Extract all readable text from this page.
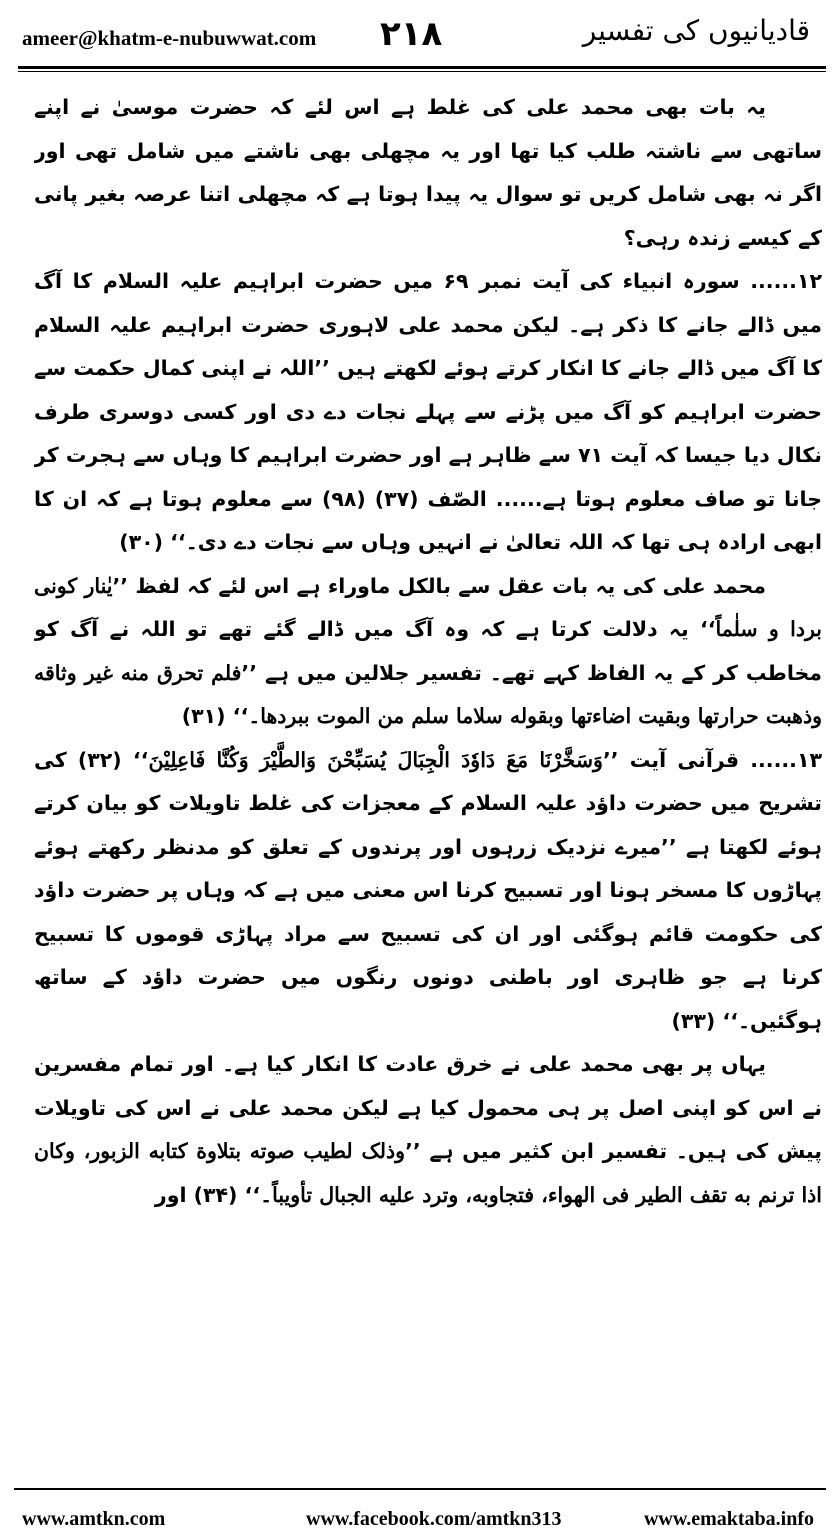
ameer@khatm-e-nubuwwat.com ۲۱۸	قادیانیوں کی تفسیر

یہ بات بھی محمد علی کی غلط ہے اس لئے کہ حضرت موسیٰ نے اپنے ساتھی سے ناشتہ طلب کیا تھا اور یہ مچھلی بھی ناشتے میں شامل تھی اور اگر نہ بھی شامل کریں تو سوال یہ پیدا ہوتا ہے کہ مچھلی اتنا عرصہ بغیر پانی کے کیسے زندہ رہی؟

۱۲...... سورہ انبیاء کی آیت نمبر ۶۹ میں حضرت ابراہیم علیہ السلام کا آگ میں ڈالے جانے کا ذکر ہے۔ لیکن محمد علی لاہوری حضرت ابراہیم علیہ السلام کا آگ میں ڈالے جانے کا انکار کرتے ہوئے لکھتے ہیں ’’اللہ نے اپنی کمال حکمت سے حضرت ابراہیم کو آگ میں پڑنے سے پہلے نجات دے دی اور کسی دوسری طرف نکال دیا جیسا کہ آیت ۷۱ سے ظاہر ہے اور حضرت ابراہیم کا وہاں سے ہجرت کر جانا تو صاف معلوم ہوتا ہے...... الصّف (۳۷) (۹۸) سے معلوم ہوتا ہے کہ ان کا ابھی ارادہ ہی تھا کہ اللہ تعالیٰ نے انہیں وہاں سے نجات دے دی۔‘‘ (۳۰)

محمد علی کی یہ بات عقل سے بالکل ماوراء ہے اس لئے کہ لفظ ’’یٰنار کونی بردا و سلٰماً‘‘ یہ دلالت کرتا ہے کہ وہ آگ میں ڈالے گئے تھے تو اللہ نے آگ کو مخاطب کر کے یہ الفاظ کہے تھے۔ تفسیر جلالین میں ہے ’’فلم تحرق منه غير وثاقه وذهبت حرارتها وبقيت اضاءتها وبقوله سلاما سلم من الموت ببردها۔‘‘ (۳۱)

۱۳...... قرآنی آیت ’’وَسَخَّرْنَا مَعَ دَاوٗدَ الْجِبَالَ يُسَبِّحْنَ وَالطَّيْرَ وَكُنَّا فَاعِلِيْنَ‘‘ (۳۲) کی تشریح میں حضرت داؤد علیہ السلام کے معجزات کی غلط تاویلات کو بیان کرتے ہوئے لکھتا ہے ’’میرے نزدیک زرہوں اور پرندوں کے تعلق کو مدنظر رکھتے ہوئے پہاڑوں کا مسخر ہونا اور تسبیح کرنا اس معنی میں ہے کہ وہاں پر حضرت داؤد کی حکومت قائم ہوگئی اور ان کی تسبیح سے مراد پہاڑی قوموں کا تسبیح کرنا ہے جو ظاہری اور باطنی دونوں رنگوں میں حضرت داؤد کے ساتھ ہوگئیں۔‘‘ (۳۳)

یہاں پر بھی محمد علی نے خرق عادت کا انکار کیا ہے۔ اور تمام مفسرین نے اس کو اپنی اصل پر ہی محمول کیا ہے لیکن محمد علی نے اس کی تاویلات پیش کی ہیں۔ تفسیر ابن کثیر میں ہے ’’وذلک لطيب صوته بتلاوة كتابه الزبور، وكان اذا ترنم به تقف الطير فى الهواء، فتجاوبه، وترد عليه الجبال تأويباً۔‘‘ (۳۴) اور

www.amtkn.com	www.facebook.com/amtkn313	www.emaktaba.info
